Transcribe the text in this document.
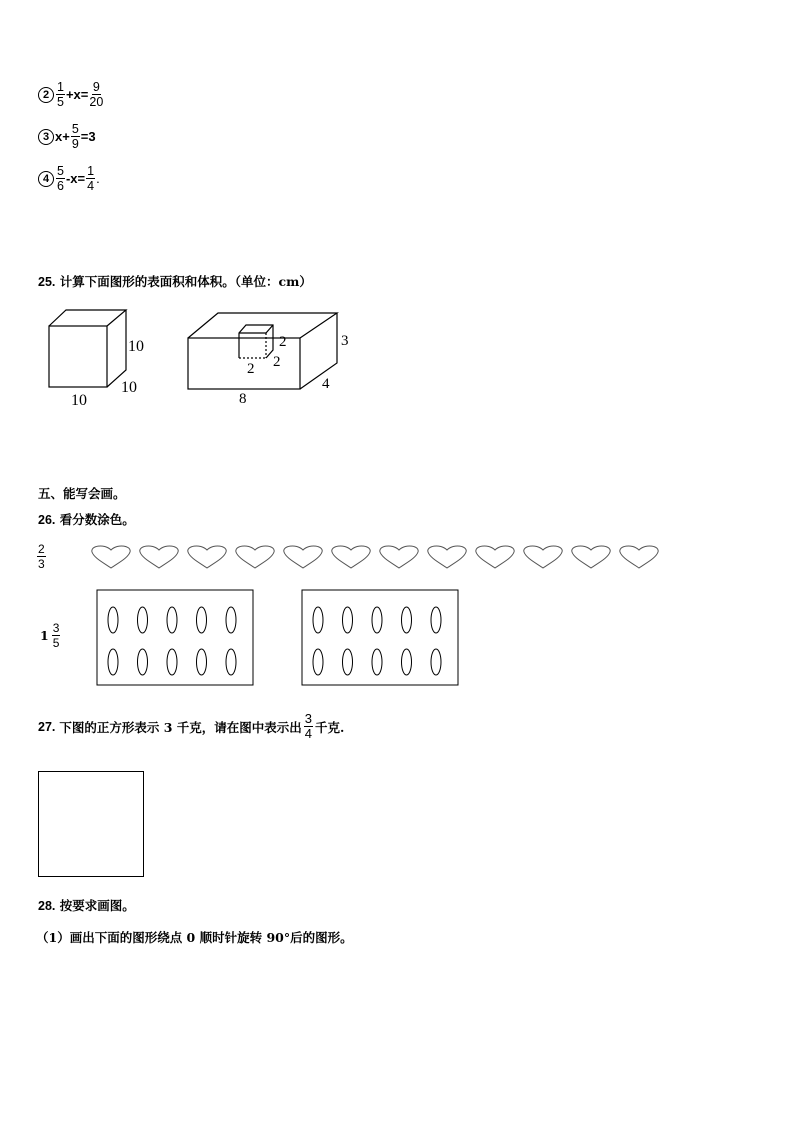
$2 \frac{1}{5} +x= \frac{9}{20}$
3 $x+ \frac{5}{9} =3$
$4 \frac{5}{6} -x= \frac{1}{4}$ .
25. 计算下面图形的表面积和体积。（单位：cm）
10
10
10
3
4
8
2
2
2
五、能写会画。
26. 看分数涂色。
$\frac{2}{3}$
$1 \frac{3}{5}$
27. 下图的正方形表示 3 千克，请在图中表示出 $\frac{3}{4}$ 千克.
28. 按要求画图。
（1）画出下面的图形绕点 0 顺时针旋转 90°后的图形。
